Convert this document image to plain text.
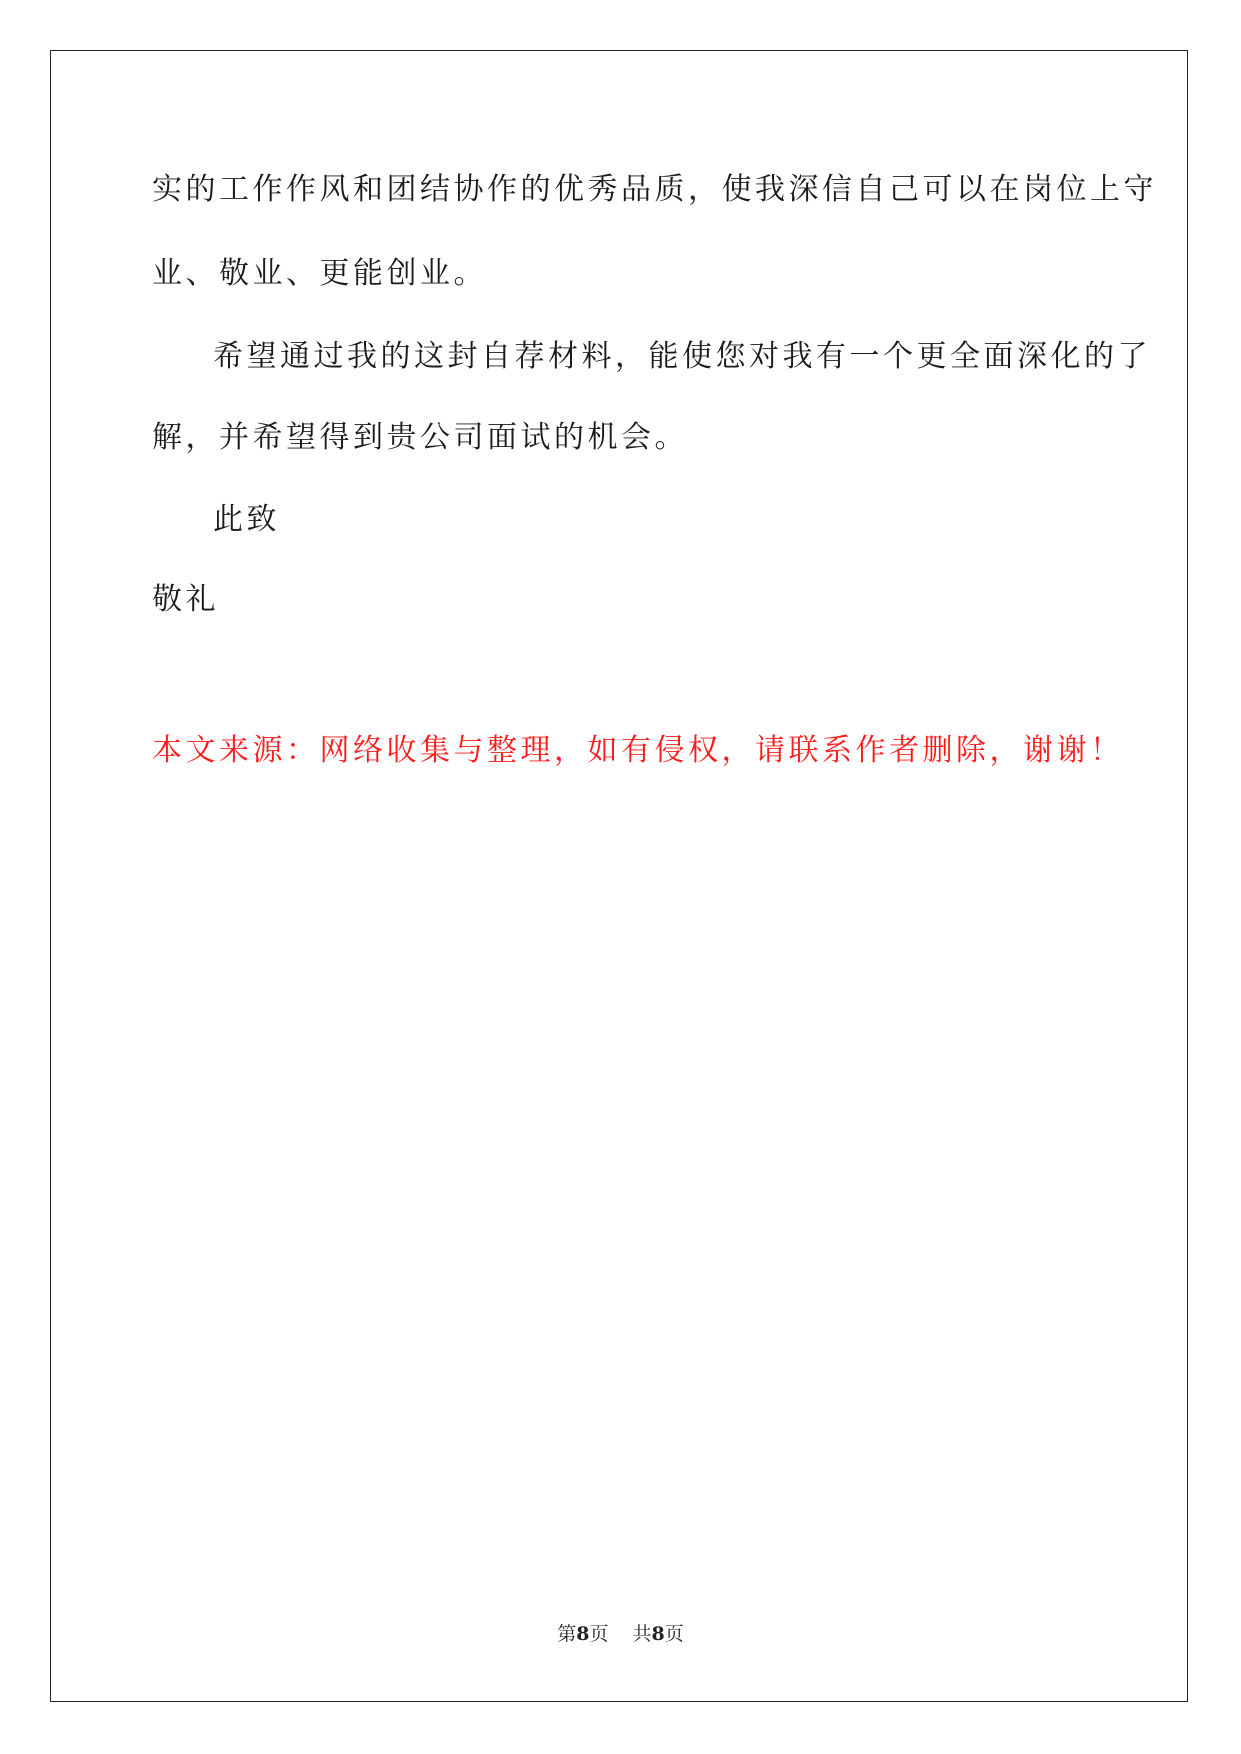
实的工作作风和团结协作的优秀品质，使我深信自己可以在岗位上守
业、敬业、更能创业。
希望通过我的这封自荐材料，能使您对我有一个更全面深化的了
解，并希望得到贵公司面试的机会。
此致
敬礼
本文来源：网络收集与整理，如有侵权，请联系作者删除，谢谢！
第8页 共8页
